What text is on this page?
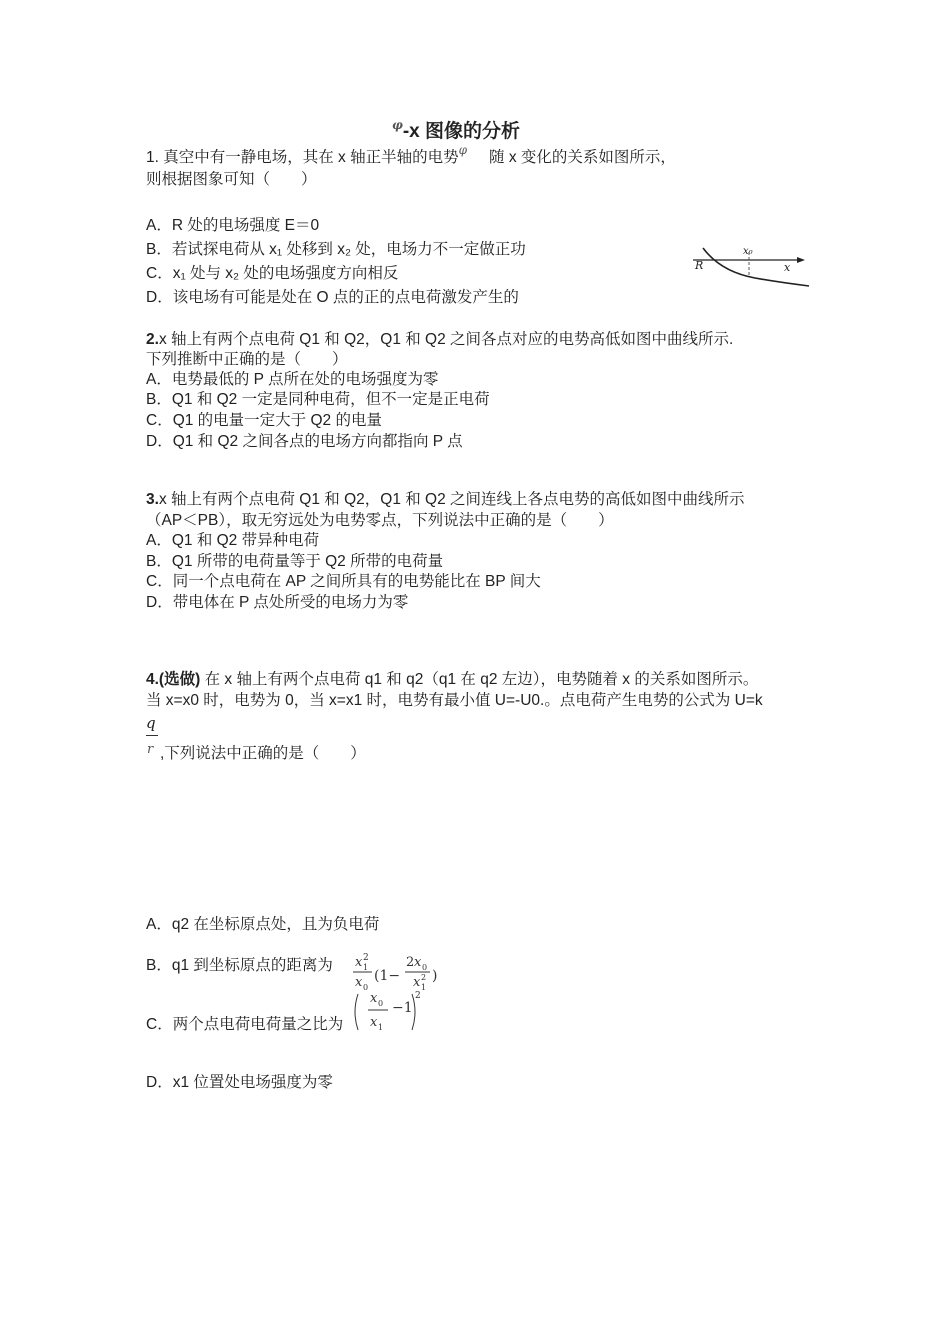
$^\varphi$-x 图像的分析
1. 真空中有一静电场，其在 x 轴正半轴的电势$^\varphi$ 随 x 变化的关系如图所示，
则根据图象可知（　　）
A．R 处的电场强度 E＝0
B．若试探电荷从 x₁ 处移到 x₂ 处，电场力不一定做正功
C．x₁ 处与 x₂ 处的电场强度方向相反
D．该电场有可能是处在 O 点的正的点电荷激发产生的
R	x
x₀
2.x 轴上有两个点电荷 Q1 和 Q2，Q1 和 Q2 之间各点对应的电势高低如图中曲线所示.
下列推断中正确的是（　　）
A．电势最低的 P 点所在处的电场强度为零
B．Q1 和 Q2 一定是同种电荷，但不一定是正电荷
C．Q1 的电量一定大于 Q2 的电量
D．Q1 和 Q2 之间各点的电场方向都指向 P 点
3.x 轴上有两个点电荷 Q1 和 Q2，Q1 和 Q2 之间连线上各点电势的高低如图中曲线所示
（AP＜PB），取无穷远处为电势零点，下列说法中正确的是（　　）
A．Q1 和 Q2 带异种电荷
B．Q1 所带的电荷量等于 Q2 所带的电荷量
C．同一个点电荷在 AP 之间所具有的电势能比在 BP 间大
D．带电体在 P 点处所受的电场力为零
4.(选做) 在 x 轴上有两个点电荷 q1 和 q2（q1 在 q2 左边），电势随着 x 的关系如图所示。
当 x=x0 时，电势为 0，当 x=x1 时，电势有最小值 U=-U0.。点电荷产生电势的公式为 U=k
q
r ,下列说法中正确的是（　　）
A．q2 在坐标原点处，且为负电荷
B．q1 到坐标原点的距离为 x 2
1
x 0
(1−
2 x 0
x 2
1
)
x 0
x 1
−1
2
C．两个点电荷电荷量之比为
D．x1 位置处电场强度为零
